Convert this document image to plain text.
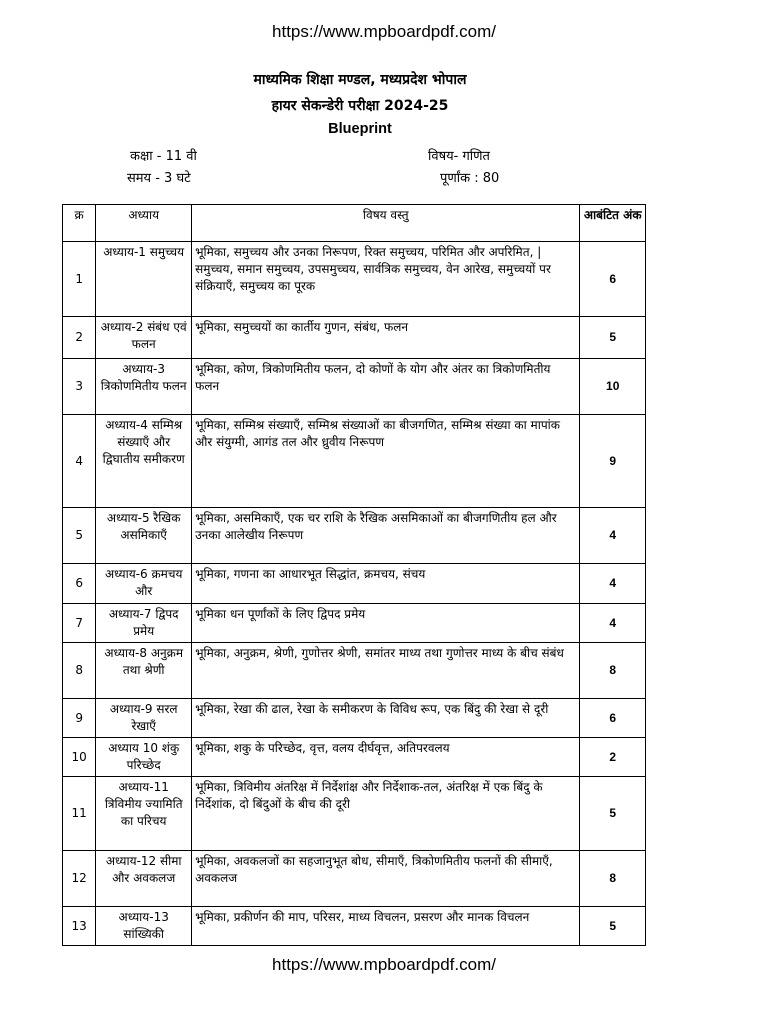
https://www.mpboardpdf.com/
माध्यमिक शिक्षा मण्डल, मध्यप्रदेश भोपाल
हायर सेकन्डेरी परीक्षा 2024-25
Blueprint
कक्षा - 11 वी	विषय- गणित
समय - 3 घटे	पूर्णांक : 80
क्र	अध्याय	विषय वस्तु	आबंटित अंक
1	अध्याय-1 समुच्चय	भूमिका, समुच्चय और उनका निरूपण, रिक्त समुच्चय, परिमित और अपरिमित, | समुच्चय, समान समुच्चय, उपसमुच्चय, सार्वत्रिक समुच्चय, वेन आरेख, समुच्चयों पर संक्रियाएँ, समुच्चय का पूरक	6
2	अध्याय-2 संबंध एवं फलन	भूमिका, समुच्चयों का कार्तीय गुणन, संबंध, फलन	5
3	अध्याय-3 त्रिकोणमितीय फलन	भूमिका, कोण, त्रिकोणमितीय फलन, दो कोणों के योग और अंतर का त्रिकोणमितीय फलन	10
4	अध्याय-4 सम्मिश्र संख्याएँ और द्विघातीय समीकरण	भूमिका, सम्मिश्र संख्याएँ, सम्मिश्र संख्याओं का बीजगणित, सम्मिश्र संख्या का मापांक और संयुग्मी, आगंड तल और ध्रुवीय निरूपण	9
5	अध्याय-5 रैखिक असमिकाएँ	भूमिका, असमिकाएँ, एक चर राशि के रैखिक असमिकाओं का बीजगणितीय हल और उनका आलेखीय निरूपण	4
6	अध्याय-6 क्रमचय और	भूमिका, गणना का आधारभूत सिद्धांत, क्रमचय, संचय	4
7	अध्याय-7 द्विपद प्रमेय	भूमिका धन पूर्णांकों के लिए द्विपद प्रमेय	4
8	अध्याय-8 अनुक्रम तथा श्रेणी	भूमिका, अनुक्रम, श्रेणी, गुणोत्तर श्रेणी, समांतर माध्य तथा गुणोत्तर माध्य के बीच संबंध	8
9	अध्याय-9 सरल रेखाएँ	भूमिका, रेखा की ढाल, रेखा के समीकरण के विविध रूप, एक बिंदु की रेखा से दूरी	6
10	अध्याय 10 शंकु परिच्छेद	भूमिका, शकु के परिच्छेद, वृत्त, वलय दीर्घवृत्त, अतिपरवलय	2
11	अध्याय-11 त्रिविमीय ज्यामिति का परिचय	भूमिका, त्रिविमीय अंतरिक्ष में निर्देशांक्ष और निर्देशाक-तल, अंतरिक्ष में एक बिंदु के निर्देशांक, दो बिंदुओं के बीच की दूरी	5
12	अध्याय-12 सीमा और अवकलज	भूमिका, अवकलजों का सहजानुभूत बोध, सीमाएँ, त्रिकोणमितीय फलनों की सीमाएँ, अवकलज	8
13	अध्याय-13 सांख्यिकी	भूमिका, प्रकीर्णन की माप, परिसर, माध्य विचलन, प्रसरण और मानक विचलन	5
https://www.mpboardpdf.com/
